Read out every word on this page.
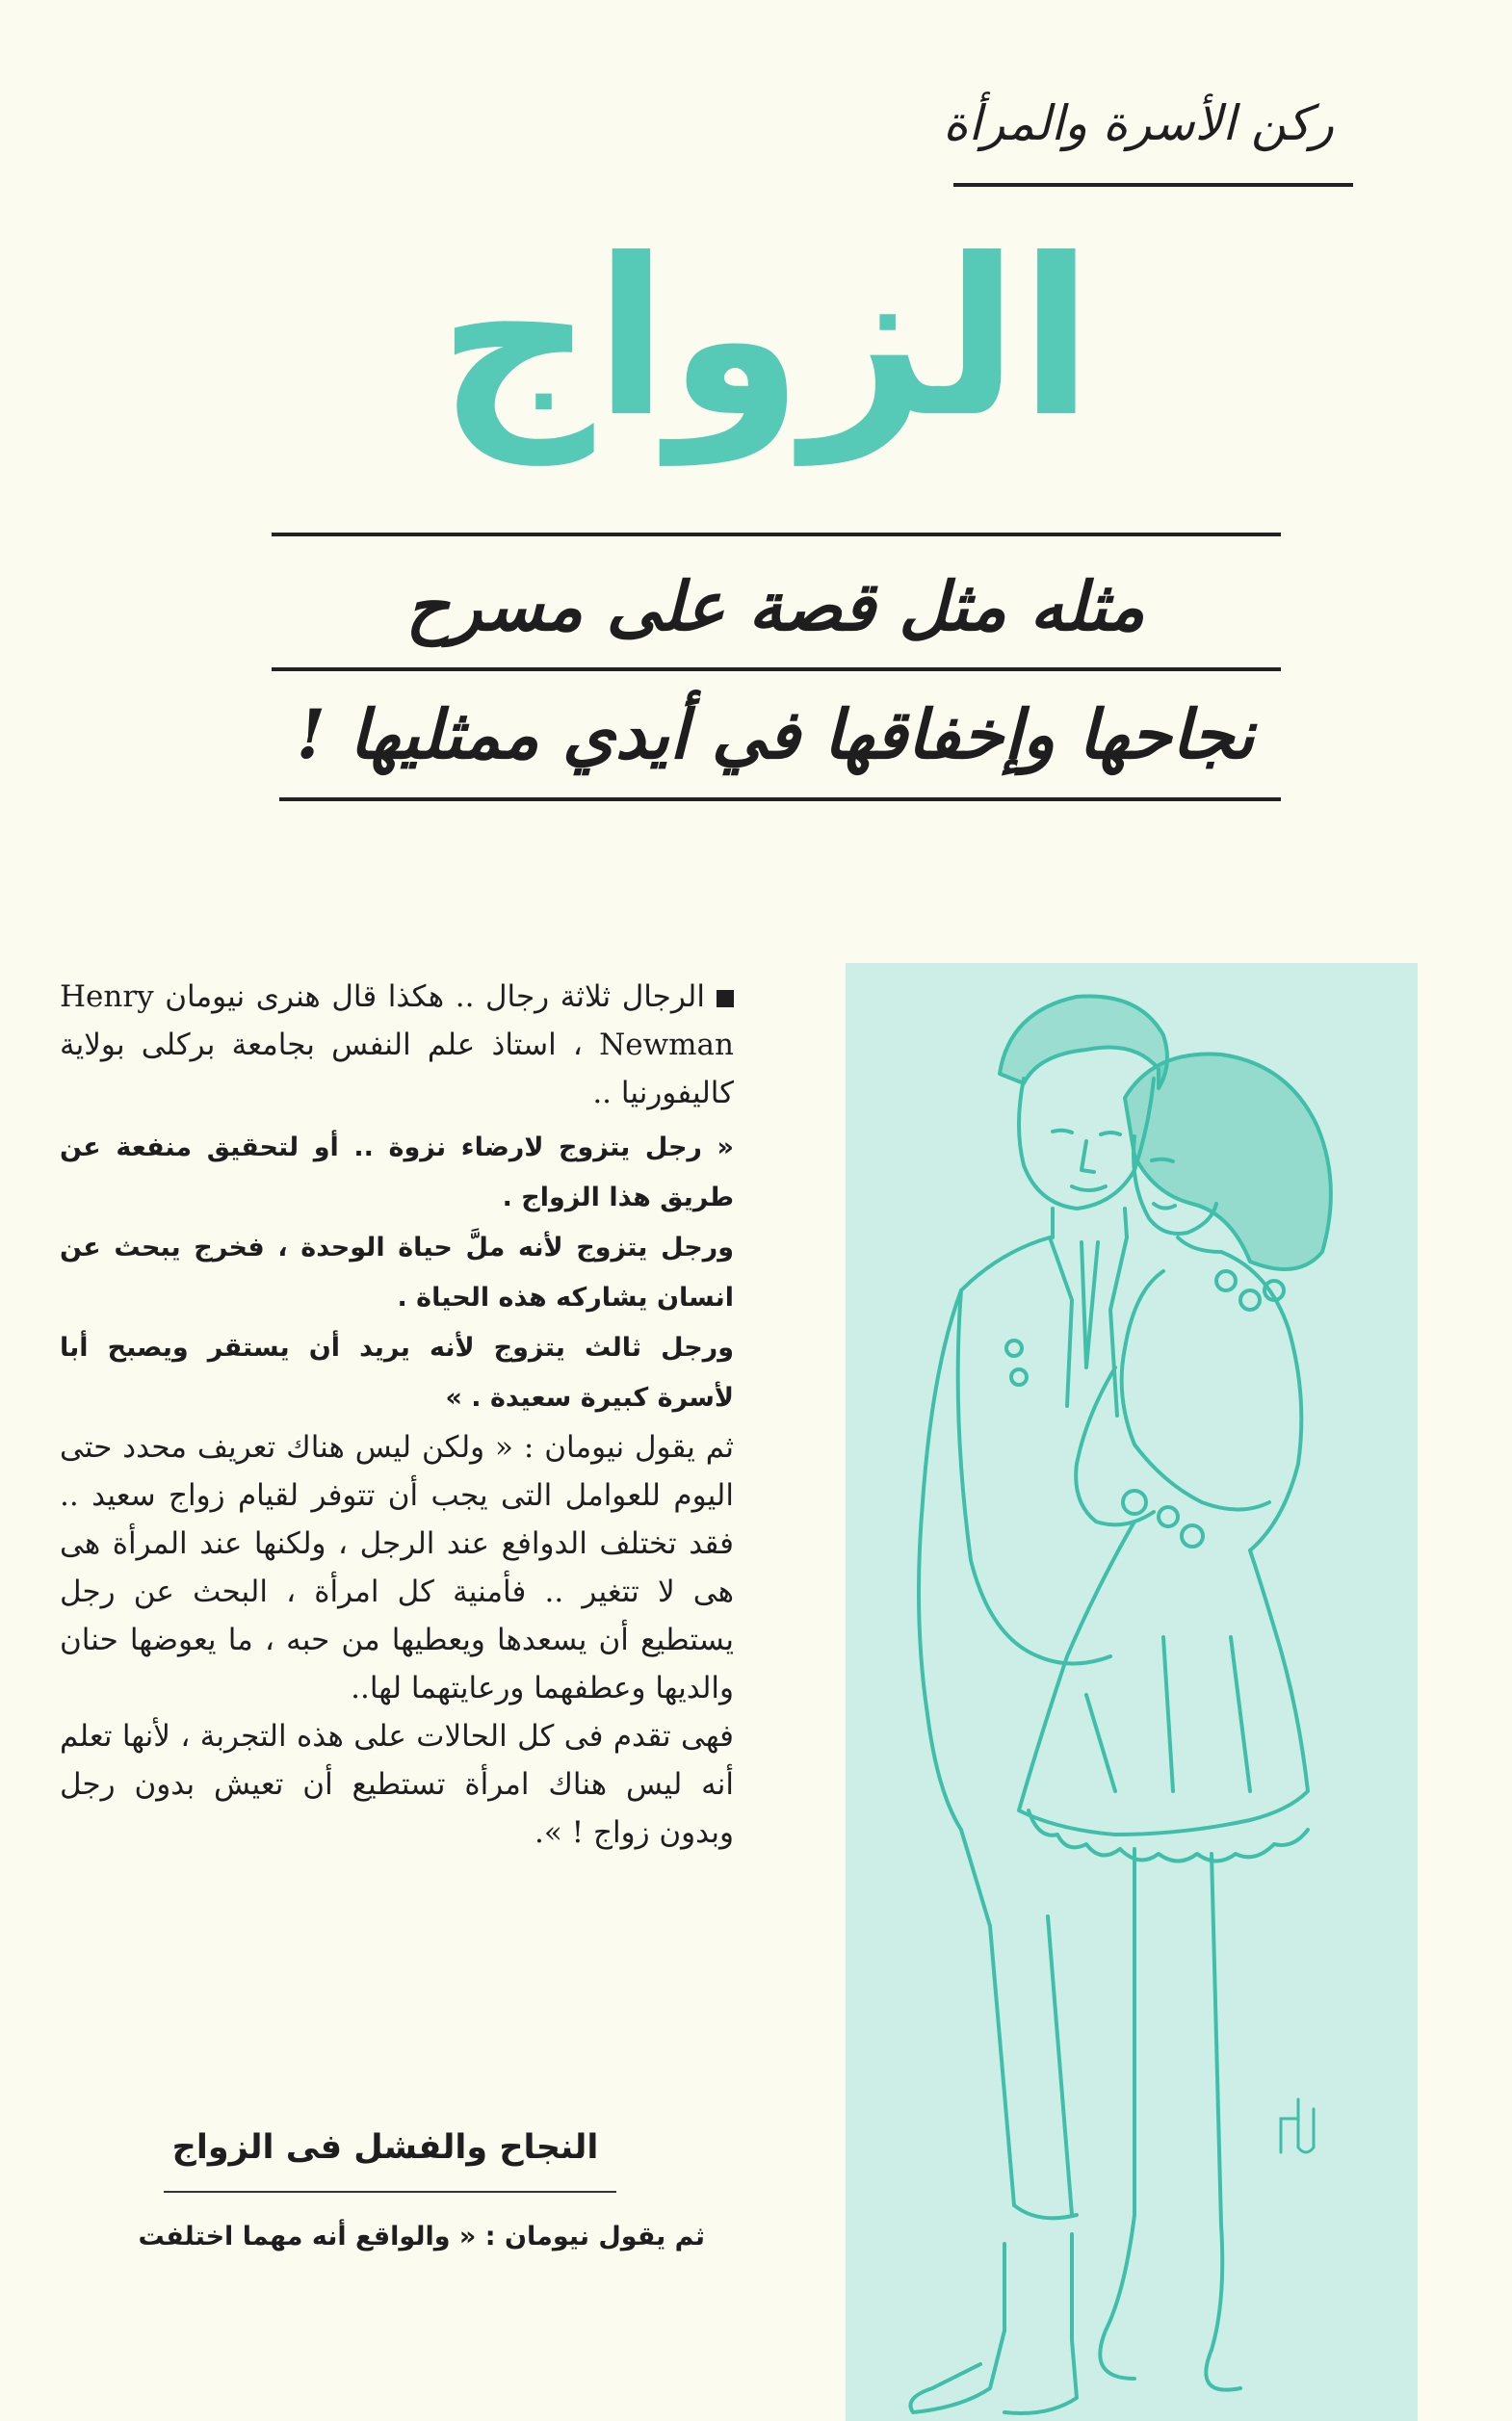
ركن الأسرة والمرأة
الزواج
مثله مثل قصة على مسرح
نجاحها وإخفاقها في أيدي ممثليها !

الرجال ثلاثة رجال .. هكذا قال هنرى نيومان Henry Newman ، استاذ علم النفس بجامعة بركلى بولاية كاليفورنيا ..

« رجل يتزوج لارضاء نزوة .. أو لتحقيق منفعة عن طريق هذا الزواج .

ورجل يتزوج لأنه ملَّ حياة الوحدة ، فخرج يبحث عن انسان يشاركه هذه الحياة .

ورجل ثالث يتزوج لأنه يريد أن يستقر ويصبح أبا لأسرة كبيرة سعيدة . »

ثم يقول نيومان : « ولكن ليس هناك تعريف محدد حتى اليوم للعوامل التى يجب أن تتوفر لقيام زواج سعيد .. فقد تختلف الدوافع عند الرجل ، ولكنها عند المرأة هى هى لا تتغير .. فأمنية كل امرأة ، البحث عن رجل يستطيع أن يسعدها ويعطيها من حبه ، ما يعوضها حنان والديها وعطفهما ورعايتهما لها..

فهى تقدم فى كل الحالات على هذه التجربة ، لأنها تعلم أنه ليس هناك امرأة تستطيع أن تعيش بدون رجل وبدون زواج ! ».

النجاح والفشل فى الزواج
ثم يقول نيومان : « والواقع أنه مهما اختلفت
